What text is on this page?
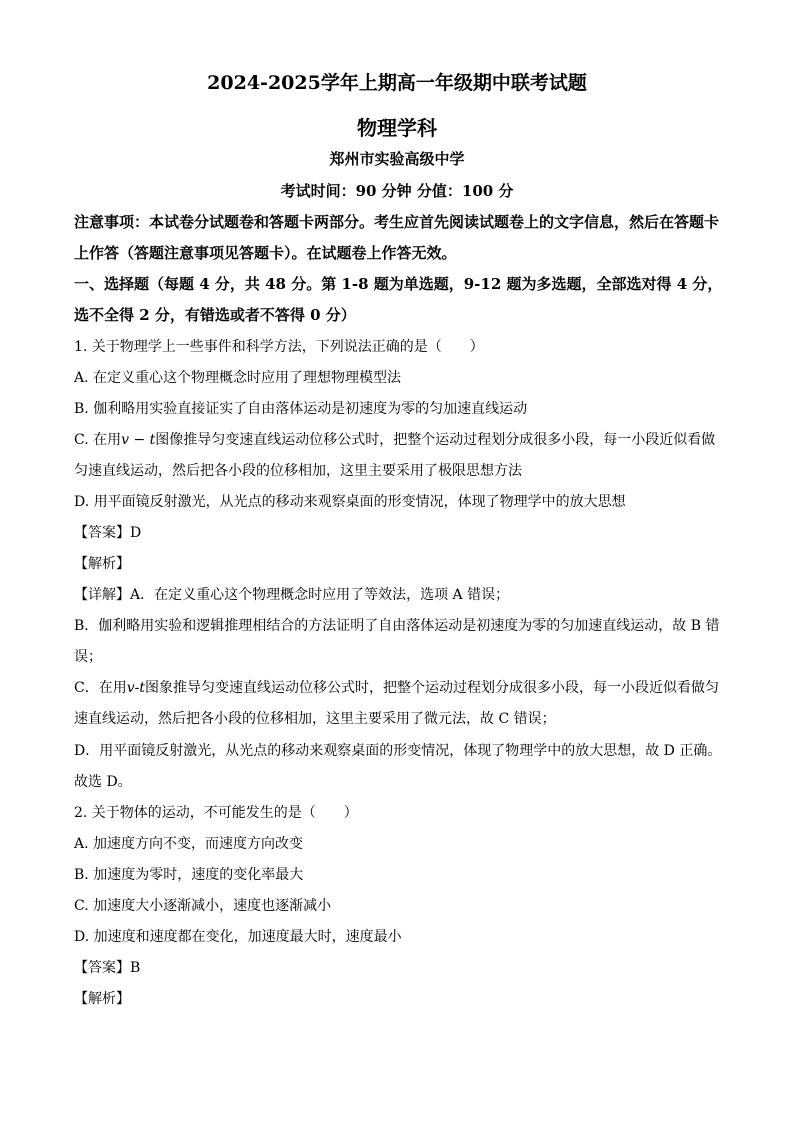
2024-2025学年上期高一年级期中联考试题
物理学科
郑州市实验高级中学
考试时间：90 分钟 分值：100 分
注意事项：本试卷分试题卷和答题卡两部分。考生应首先阅读试题卷上的文字信息，然后在答题卡上作答（答题注意事项见答题卡）。在试题卷上作答无效。
一、选择题（每题 4 分，共 48 分。第 1-8 题为单选题，9-12 题为多选题，全部选对得 4 分，选不全得 2 分，有错选或者不答得 0 分）
1. 关于物理学上一些事件和科学方法，下列说法正确的是（　　）
A. 在定义重心这个物理概念时应用了理想物理模型法
B. 伽利略用实验直接证实了自由落体运动是初速度为零的匀加速直线运动
C. 在用v − t图像推导匀变速直线运动位移公式时，把整个运动过程划分成很多小段，每一小段近似看做
匀速直线运动，然后把各小段的位移相加，这里主要采用了极限思想方法
D. 用平面镜反射激光，从光点的移动来观察桌面的形变情况，体现了物理学中的放大思想
【答案】D
【解析】
【详解】A．在定义重心这个物理概念时应用了等效法，选项 A 错误；
B．伽利略用实验和逻辑推理相结合的方法证明了自由落体运动是初速度为零的匀加速直线运动，故 B 错误；
C．在用v-t图象推导匀变速直线运动位移公式时，把整个运动过程划分成很多小段，每一小段近似看做匀速直线运动，然后把各小段的位移相加，这里主要采用了微元法，故 C 错误；
D．用平面镜反射激光，从光点的移动来观察桌面的形变情况，体现了物理学中的放大思想，故 D 正确。
故选 D。
2. 关于物体的运动，不可能发生的是（　　）
A. 加速度方向不变，而速度方向改变
B. 加速度为零时，速度的变化率最大
C. 加速度大小逐渐减小，速度也逐渐减小
D. 加速度和速度都在变化，加速度最大时，速度最小
【答案】B
【解析】
